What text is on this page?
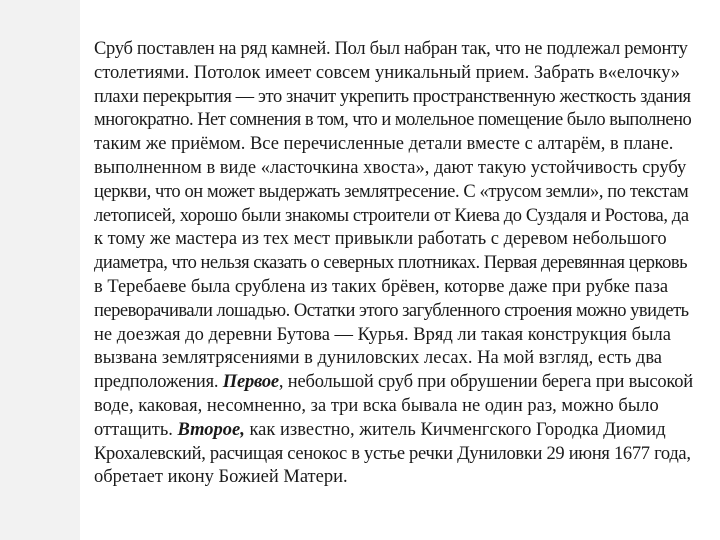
Сруб поставлен на ряд камней. Пол был набран так, что не подлежал ремонту
столетиями. Потолок имеет совсем уникальный прием. Забрать в«елочку»
плахи перекрытия — это значит укрепить пространственную жесткость здания
многократно. Нет сомнения в том, что и молельное помещение было выполнено
таким же приёмом. Все перечисленные детали вместе с алтарём, в плане.
выполненном в виде «ласточкина хвоста», дают такую устойчивость срубу
церкви, что он может выдержать землятресение. С «трусом земли», по текстам
летописей, хорошо были знакомы строители от Киева до Суздаля и Ростова, да
к тому же мастера из тех мест привыкли работать с деревом небольшого
диаметра, что нельзя сказать о северных плотниках. Первая деревянная церковь
в Теребаеве была срублена из таких брёвен, которве даже при рубке паза
переворачивали лошадью. Остатки этого загубленного строения можно увидеть
не доезжая до деревни Бутова — Курья. Вряд ли такая конструкция была
вызвана землятрясениями в дуниловских лесах. На мой взгляд, есть два
предположения. Первое, небольшой сруб при обрушении берега при высокой
воде, каковая, несомненно, за три вска бывала не один раз, можно было
оттащить. Второе, как известно, житель Кичменгского Городка Диомид
Крохалевский, расчищая сенокос в устье речки Дуниловки 29 июня 1677 года,
обретает икону Божией Матери.
